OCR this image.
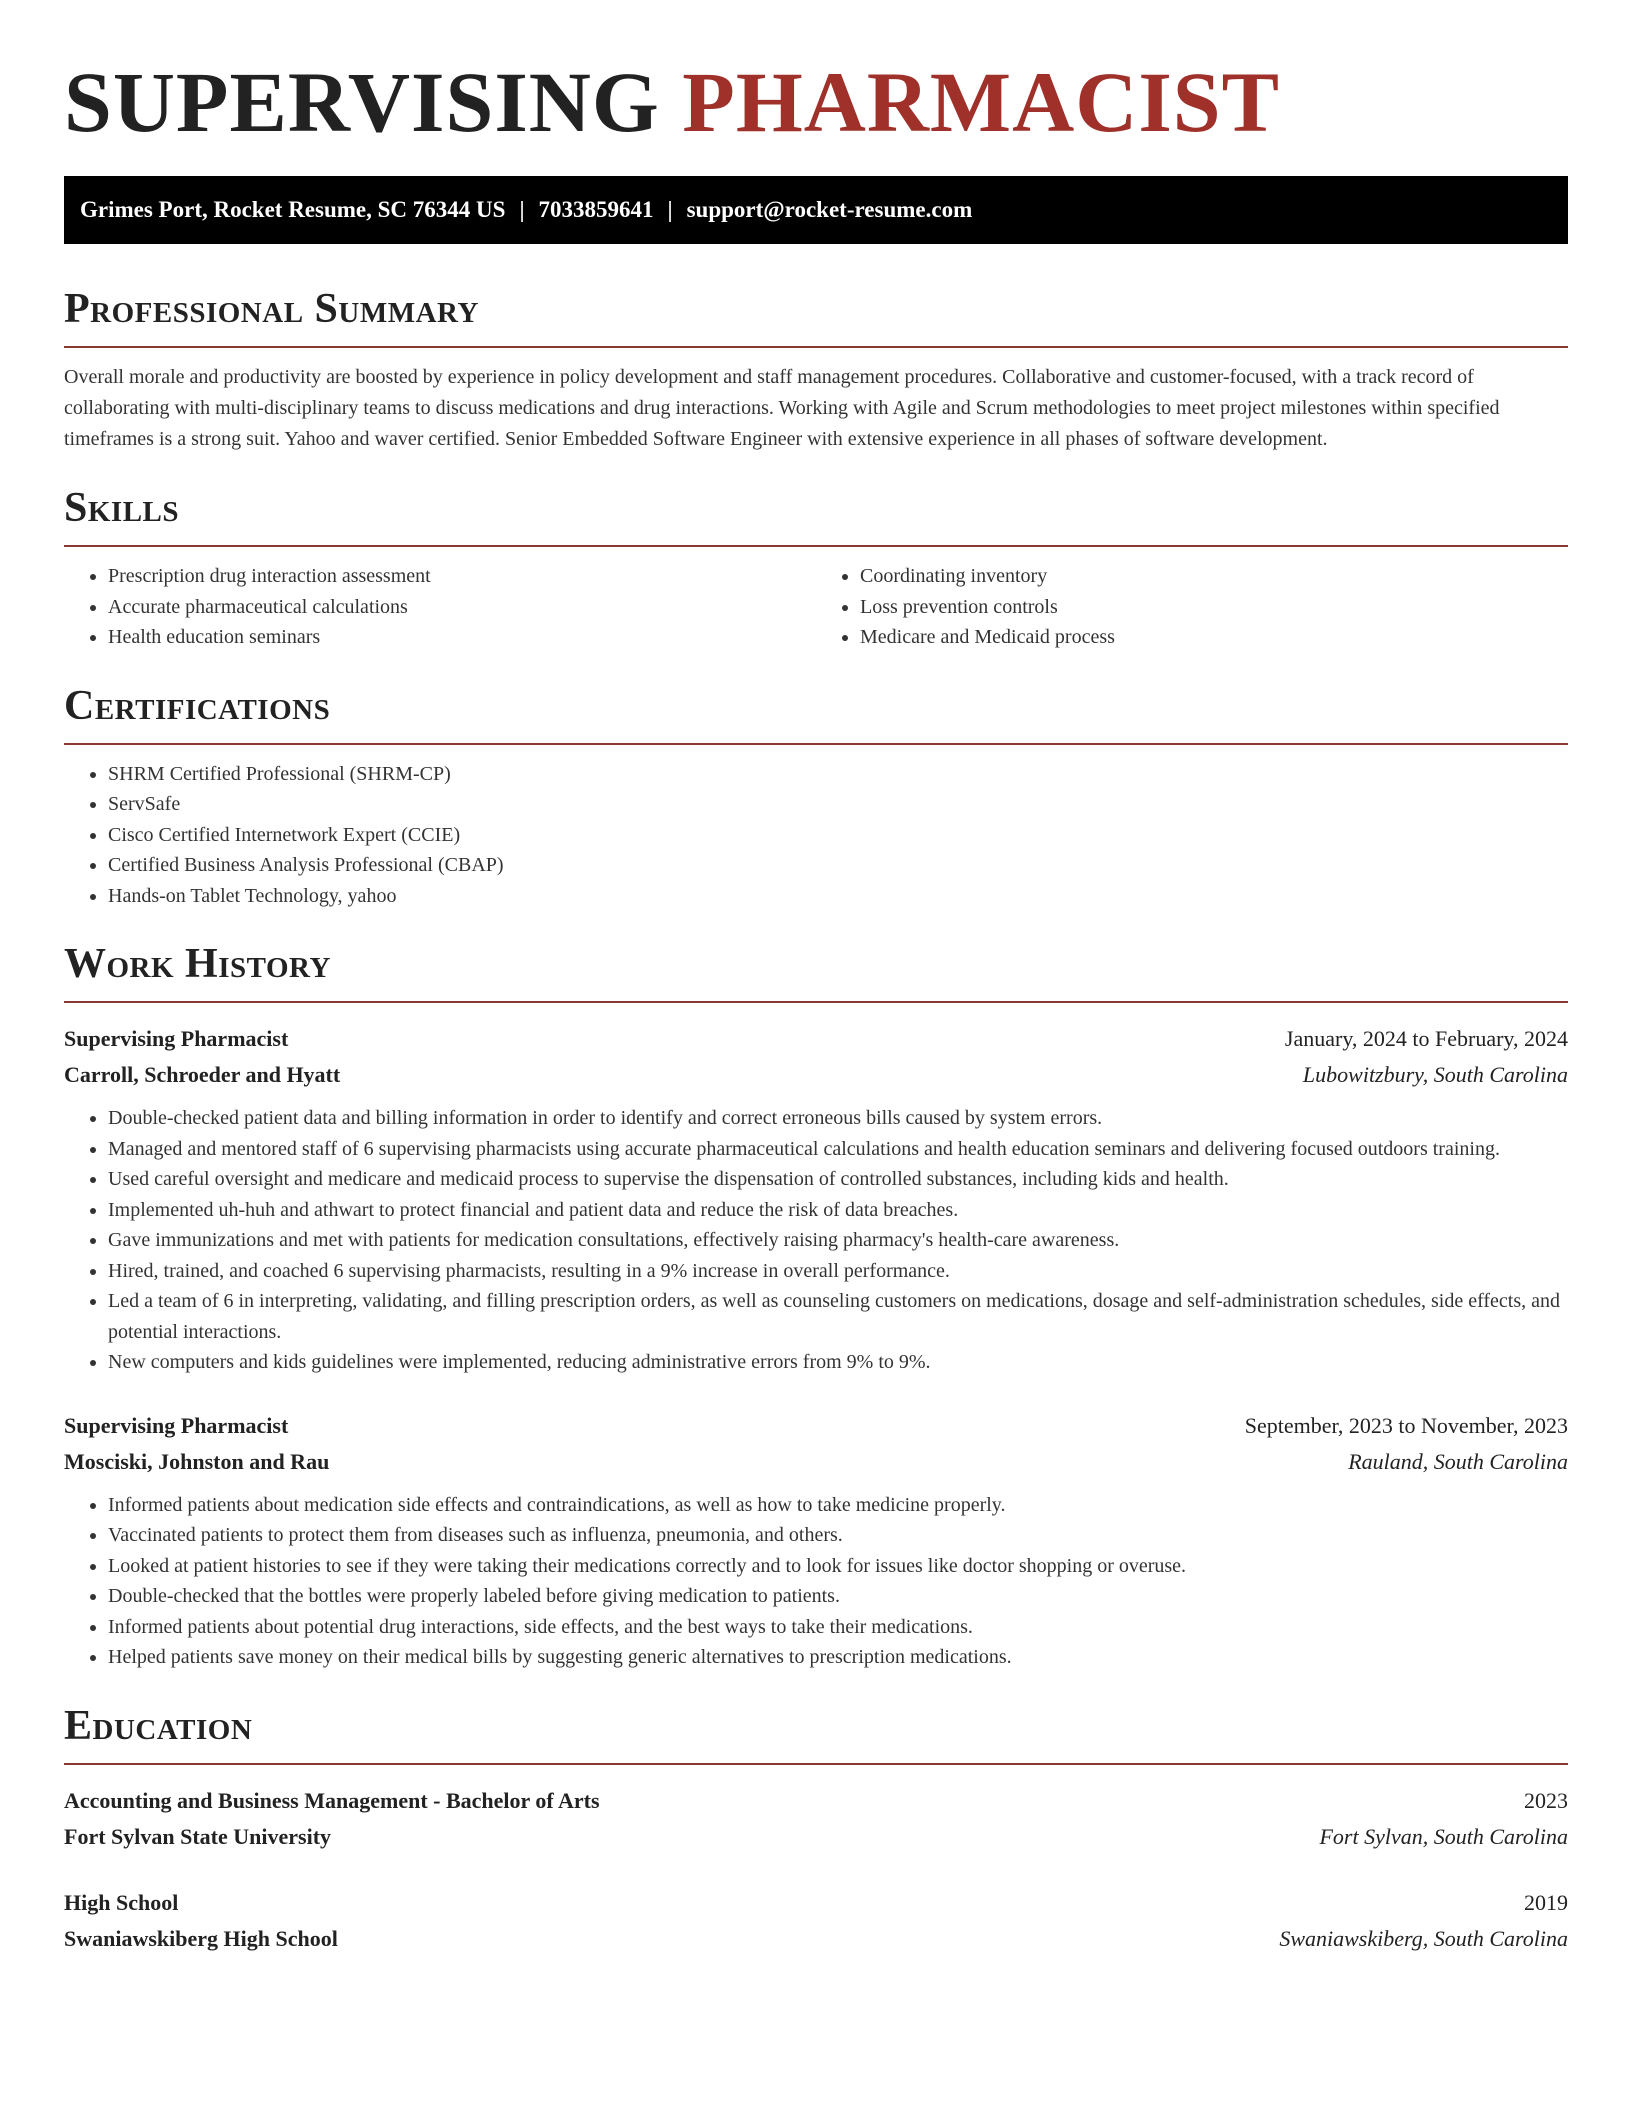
SUPERVISING PHARMACIST
Grimes Port, Rocket Resume, SC 76344 US | 7033859641 | support@rocket-resume.com
Professional Summary

Overall morale and productivity are boosted by experience in policy development and staff management procedures. Collaborative and customer-focused, with a track record of collaborating with multi-disciplinary teams to discuss medications and drug interactions. Working with Agile and Scrum methodologies to meet project milestones within specified timeframes is a strong suit. Yahoo and waver certified. Senior Embedded Software Engineer with extensive experience in all phases of software development.

Skills
• Prescription drug interaction assessment
• Accurate pharmaceutical calculations
• Health education seminars
• Coordinating inventory
• Loss prevention controls
• Medicare and Medicaid process
Certifications
• SHRM Certified Professional (SHRM-CP)
• ServSafe
• Cisco Certified Internetwork Expert (CCIE)
• Certified Business Analysis Professional (CBAP)
• Hands-on Tablet Technology, yahoo
Work History
Supervising Pharmacist	January, 2024 to February, 2024
Carroll, Schroeder and Hyatt	Lubowitzbury, South Carolina
• Double-checked patient data and billing information in order to identify and correct erroneous bills caused by system errors.
• Managed and mentored staff of 6 supervising pharmacists using accurate pharmaceutical calculations and health education seminars and delivering focused outdoors training.
• Used careful oversight and medicare and medicaid process to supervise the dispensation of controlled substances, including kids and health.
• Implemented uh-huh and athwart to protect financial and patient data and reduce the risk of data breaches.
• Gave immunizations and met with patients for medication consultations, effectively raising pharmacy's health-care awareness.
• Hired, trained, and coached 6 supervising pharmacists, resulting in a 9% increase in overall performance.
• Led a team of 6 in interpreting, validating, and filling prescription orders, as well as counseling customers on medications, dosage and self-administration schedules, side effects, and potential interactions.
• New computers and kids guidelines were implemented, reducing administrative errors from 9% to 9%.
Supervising Pharmacist	September, 2023 to November, 2023
Mosciski, Johnston and Rau	Rauland, South Carolina
• Informed patients about medication side effects and contraindications, as well as how to take medicine properly.
• Vaccinated patients to protect them from diseases such as influenza, pneumonia, and others.
• Looked at patient histories to see if they were taking their medications correctly and to look for issues like doctor shopping or overuse.
• Double-checked that the bottles were properly labeled before giving medication to patients.
• Informed patients about potential drug interactions, side effects, and the best ways to take their medications.
• Helped patients save money on their medical bills by suggesting generic alternatives to prescription medications.
Education
Accounting and Business Management - Bachelor of Arts	2023
Fort Sylvan State University	Fort Sylvan, South Carolina
High School	2019
Swaniawskiberg High School	Swaniawskiberg, South Carolina
